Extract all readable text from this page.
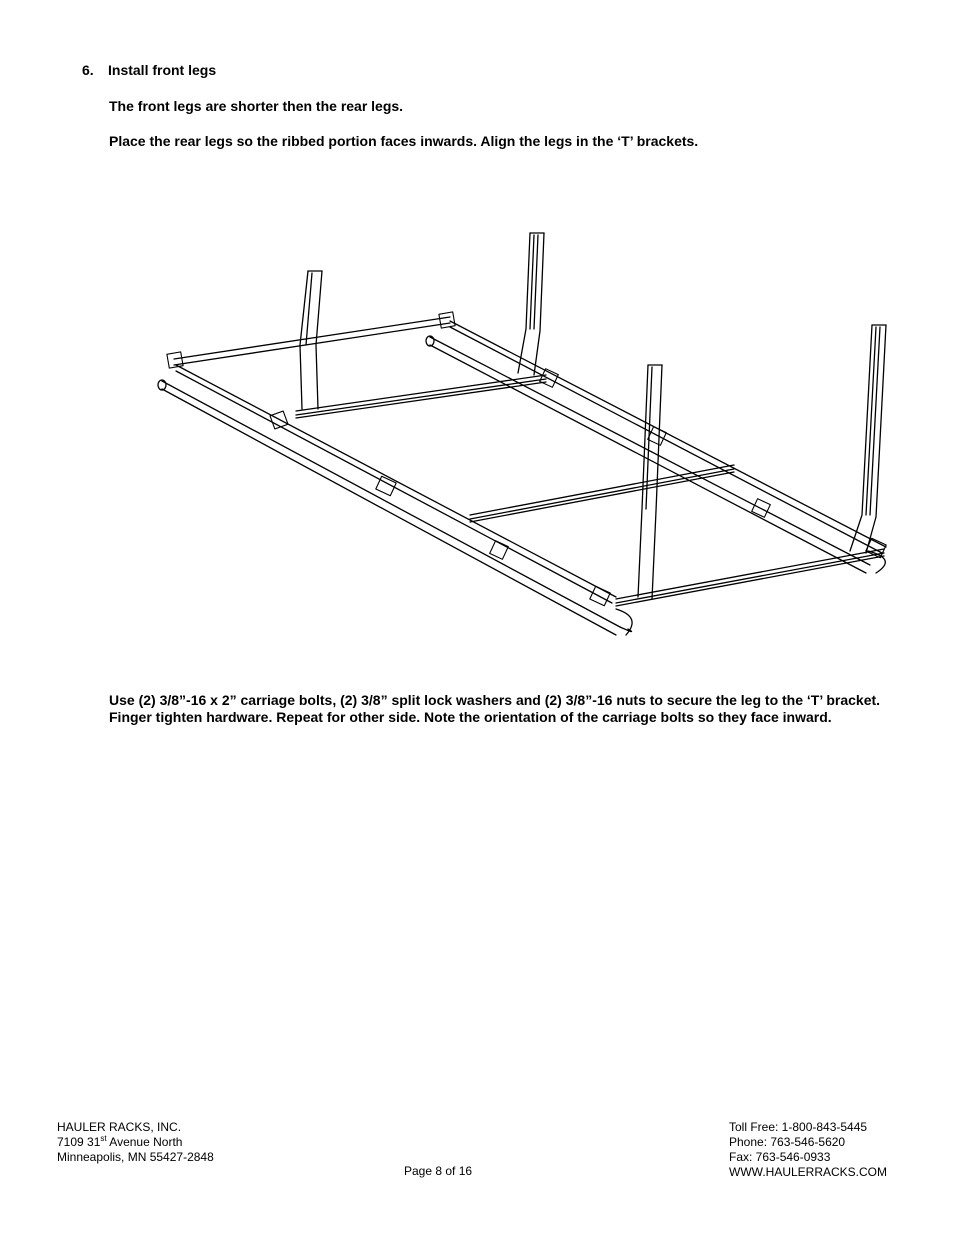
6. Install front legs
The front legs are shorter then the rear legs.
Place the rear legs so the ribbed portion faces inwards. Align the legs in the ‘T’ brackets.
Use (2) 3/8”-16 x 2” carriage bolts, (2) 3/8” split lock washers and (2) 3/8”-16 nuts to secure the leg to the ‘T’ bracket. Finger tighten hardware. Repeat for other side. Note the orientation of the carriage bolts so they face inward.
HAULER RACKS, INC.
7109 31st Avenue North
Minneapolis, MN 55427-2848
Page 8 of 16
Toll Free: 1-800-843-5445
Phone: 763-546-5620
Fax: 763-546-0933
WWW.HAULERRACKS.COM
